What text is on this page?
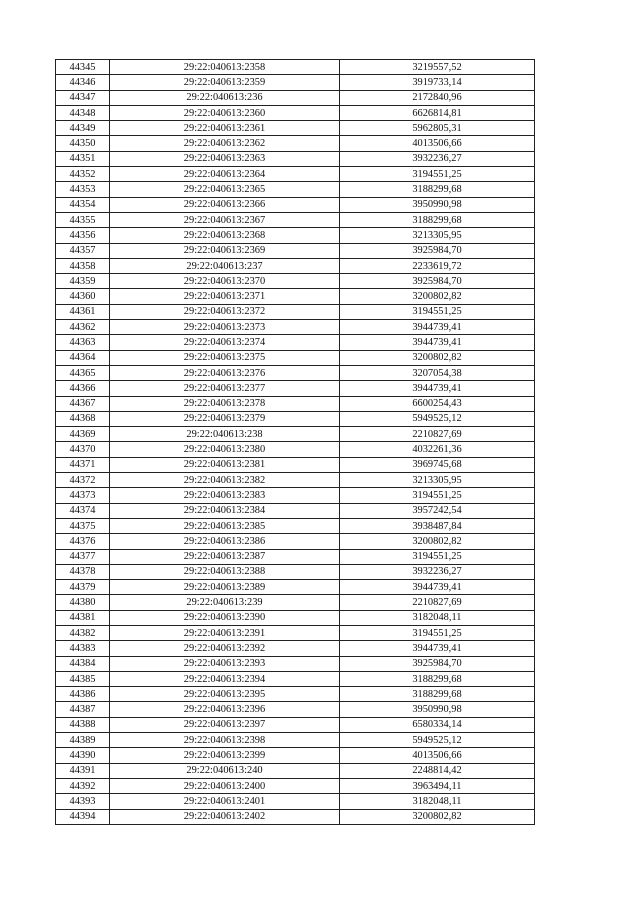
44345	29:22:040613:2358	3219557,52
44346	29:22:040613:2359	3919733,14
44347	29:22:040613:236	2172840,96
44348	29:22:040613:2360	6626814,81
44349	29:22:040613:2361	5962805,31
44350	29:22:040613:2362	4013506,66
44351	29:22:040613:2363	3932236,27
44352	29:22:040613:2364	3194551,25
44353	29:22:040613:2365	3188299,68
44354	29:22:040613:2366	3950990,98
44355	29:22:040613:2367	3188299,68
44356	29:22:040613:2368	3213305,95
44357	29:22:040613:2369	3925984,70
44358	29:22:040613:237	2233619,72
44359	29:22:040613:2370	3925984,70
44360	29:22:040613:2371	3200802,82
44361	29:22:040613:2372	3194551,25
44362	29:22:040613:2373	3944739,41
44363	29:22:040613:2374	3944739,41
44364	29:22:040613:2375	3200802,82
44365	29:22:040613:2376	3207054,38
44366	29:22:040613:2377	3944739,41
44367	29:22:040613:2378	6600254,43
44368	29:22:040613:2379	5949525,12
44369	29:22:040613:238	2210827,69
44370	29:22:040613:2380	4032261,36
44371	29:22:040613:2381	3969745,68
44372	29:22:040613:2382	3213305,95
44373	29:22:040613:2383	3194551,25
44374	29:22:040613:2384	3957242,54
44375	29:22:040613:2385	3938487,84
44376	29:22:040613:2386	3200802,82
44377	29:22:040613:2387	3194551,25
44378	29:22:040613:2388	3932236,27
44379	29:22:040613:2389	3944739,41
44380	29:22:040613:239	2210827,69
44381	29:22:040613:2390	3182048,11
44382	29:22:040613:2391	3194551,25
44383	29:22:040613:2392	3944739,41
44384	29:22:040613:2393	3925984,70
44385	29:22:040613:2394	3188299,68
44386	29:22:040613:2395	3188299,68
44387	29:22:040613:2396	3950990,98
44388	29:22:040613:2397	6580334,14
44389	29:22:040613:2398	5949525,12
44390	29:22:040613:2399	4013506,66
44391	29:22:040613:240	2248814,42
44392	29:22:040613:2400	3963494,11
44393	29:22:040613:2401	3182048,11
44394	29:22:040613:2402	3200802,82
